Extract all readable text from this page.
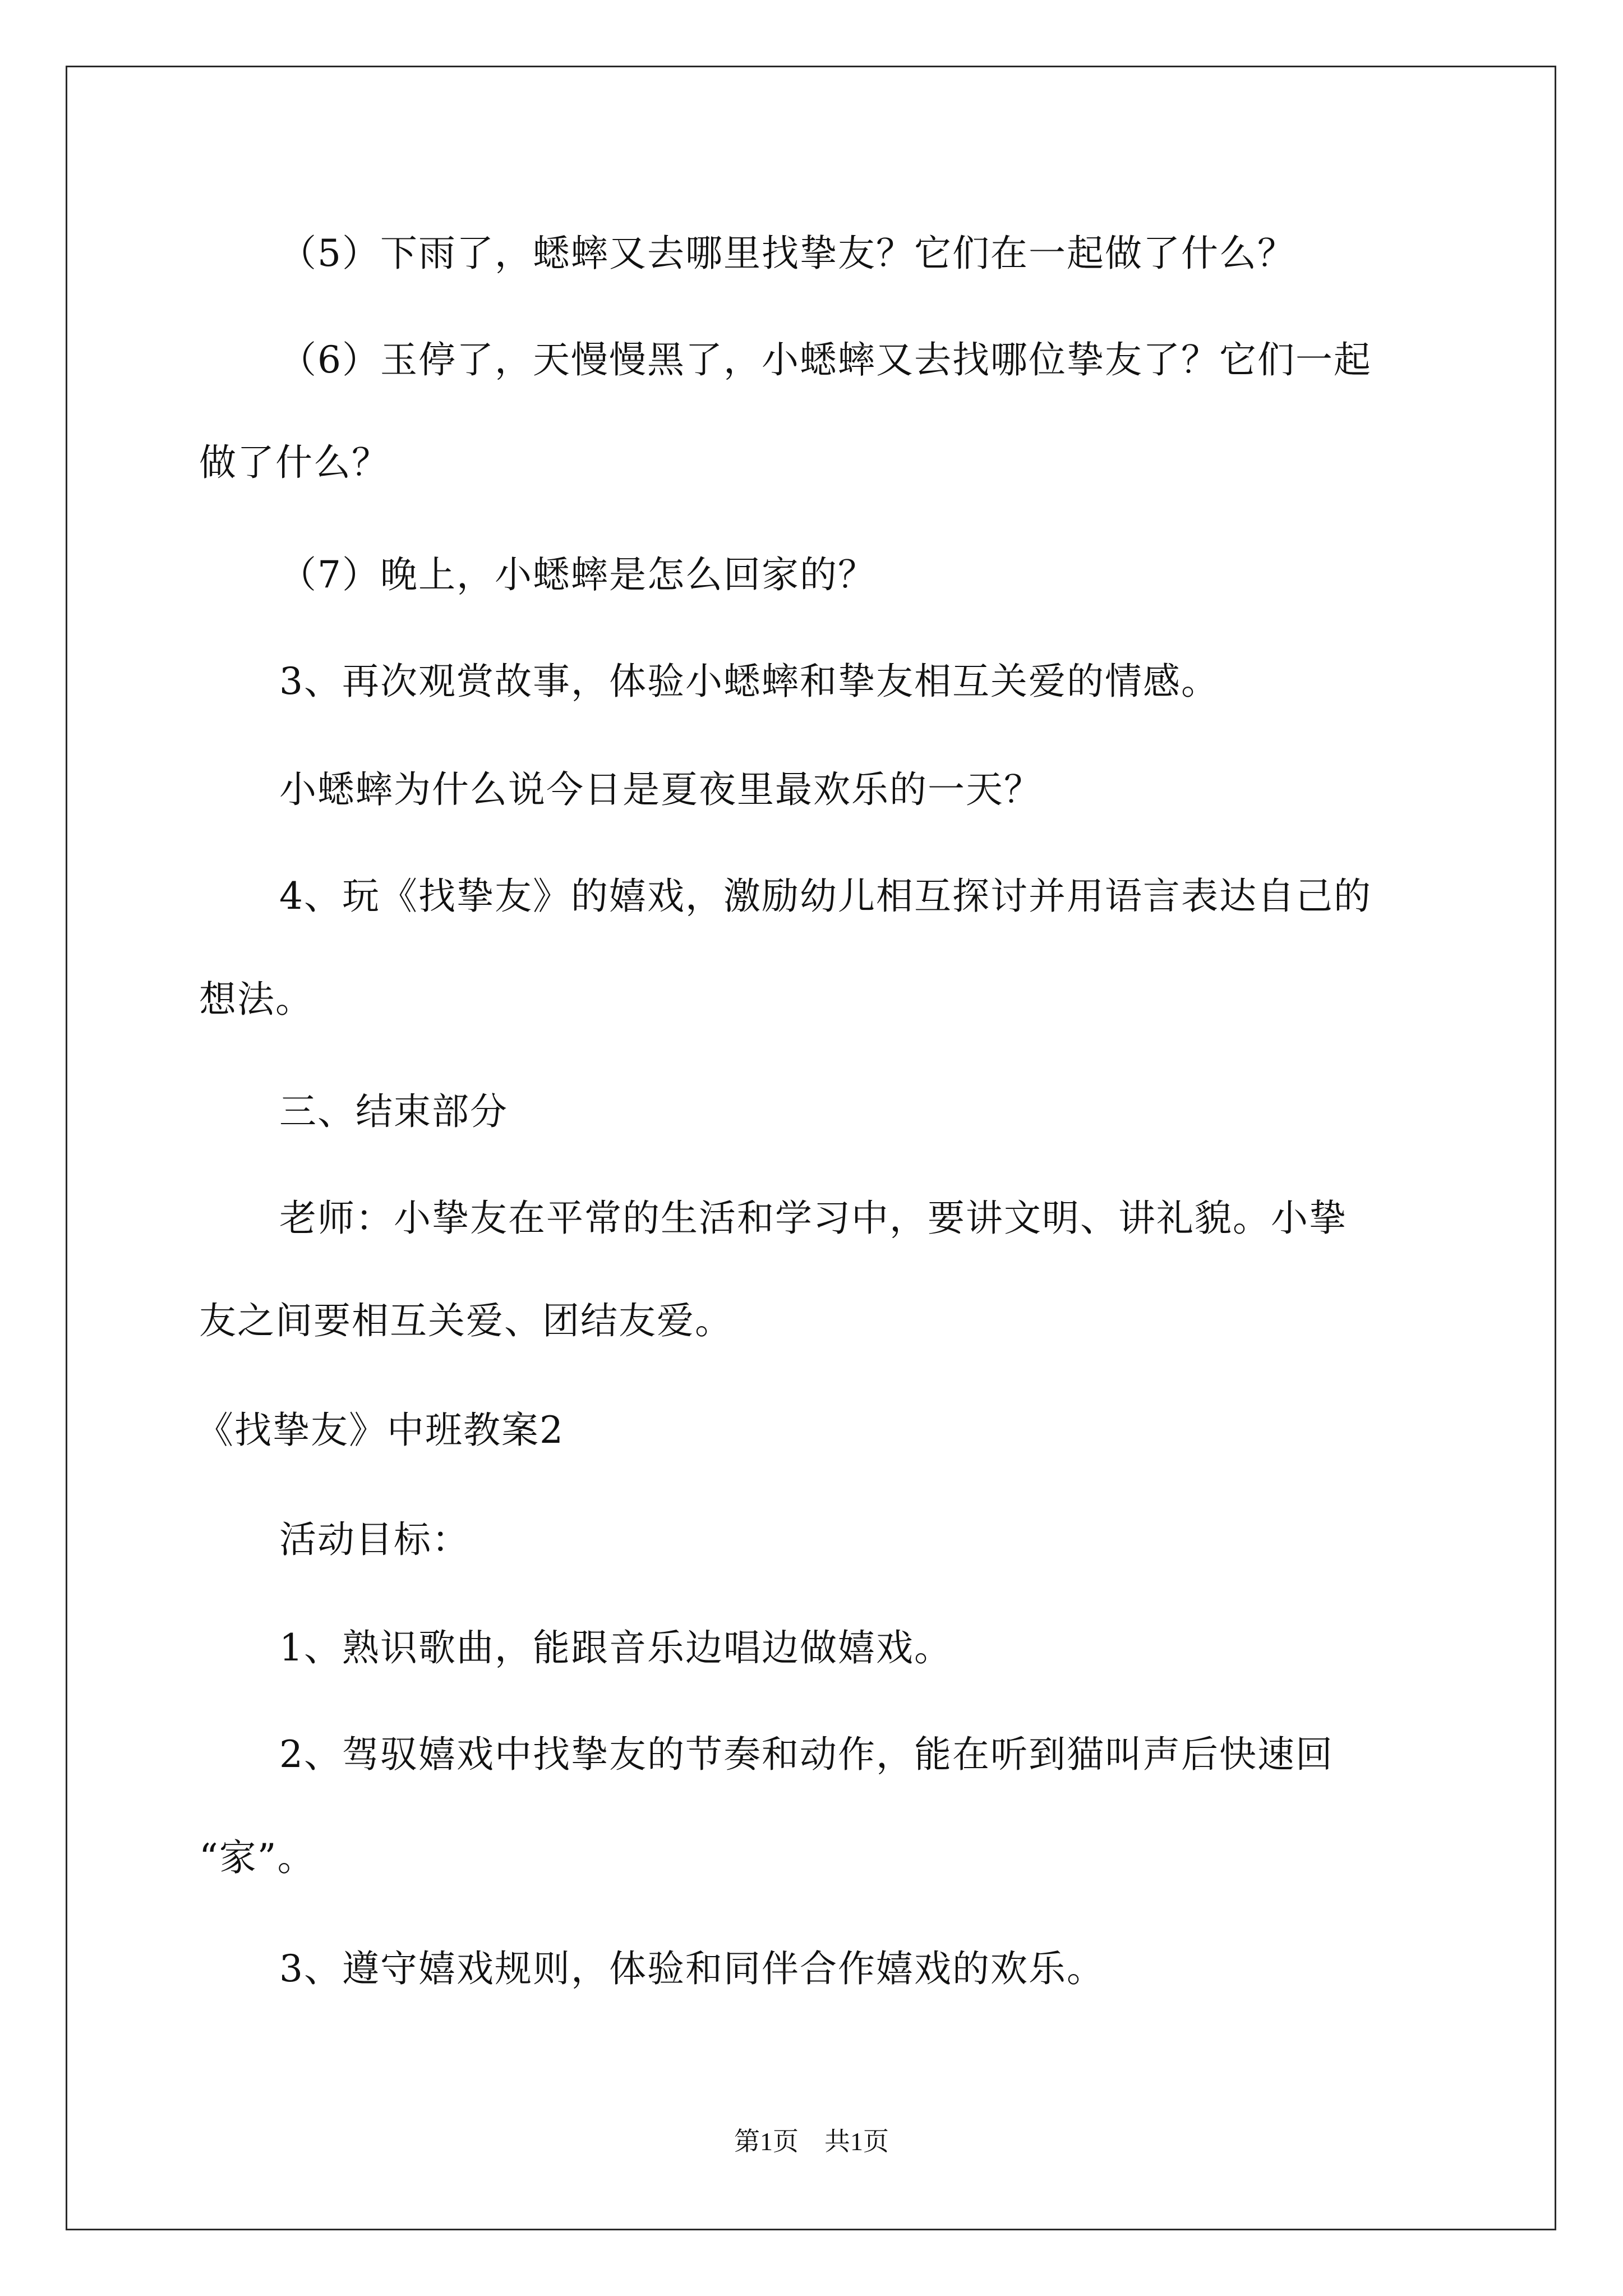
（5）下雨了，蟋蟀又去哪里找挚友？它们在一起做了什么？
（6）玉停了，天慢慢黑了，小蟋蟀又去找哪位挚友了？它们一起
做了什么？
（7）晚上，小蟋蟀是怎么回家的？
3、再次观赏故事，体验小蟋蟀和挚友相互关爱的情感。
小蟋蟀为什么说今日是夏夜里最欢乐的一天？
4、玩《找挚友》的嬉戏，激励幼儿相互探讨并用语言表达自己的
想法。
三、结束部分
老师：小挚友在平常的生活和学习中，要讲文明、讲礼貌。小挚
友之间要相互关爱、团结友爱。
《找挚友》中班教案2
活动目标：
1、熟识歌曲，能跟音乐边唱边做嬉戏。
2、驾驭嬉戏中找挚友的节奏和动作，能在听到猫叫声后快速回
“家”。
3、遵守嬉戏规则，体验和同伴合作嬉戏的欢乐。
第1页　共1页
